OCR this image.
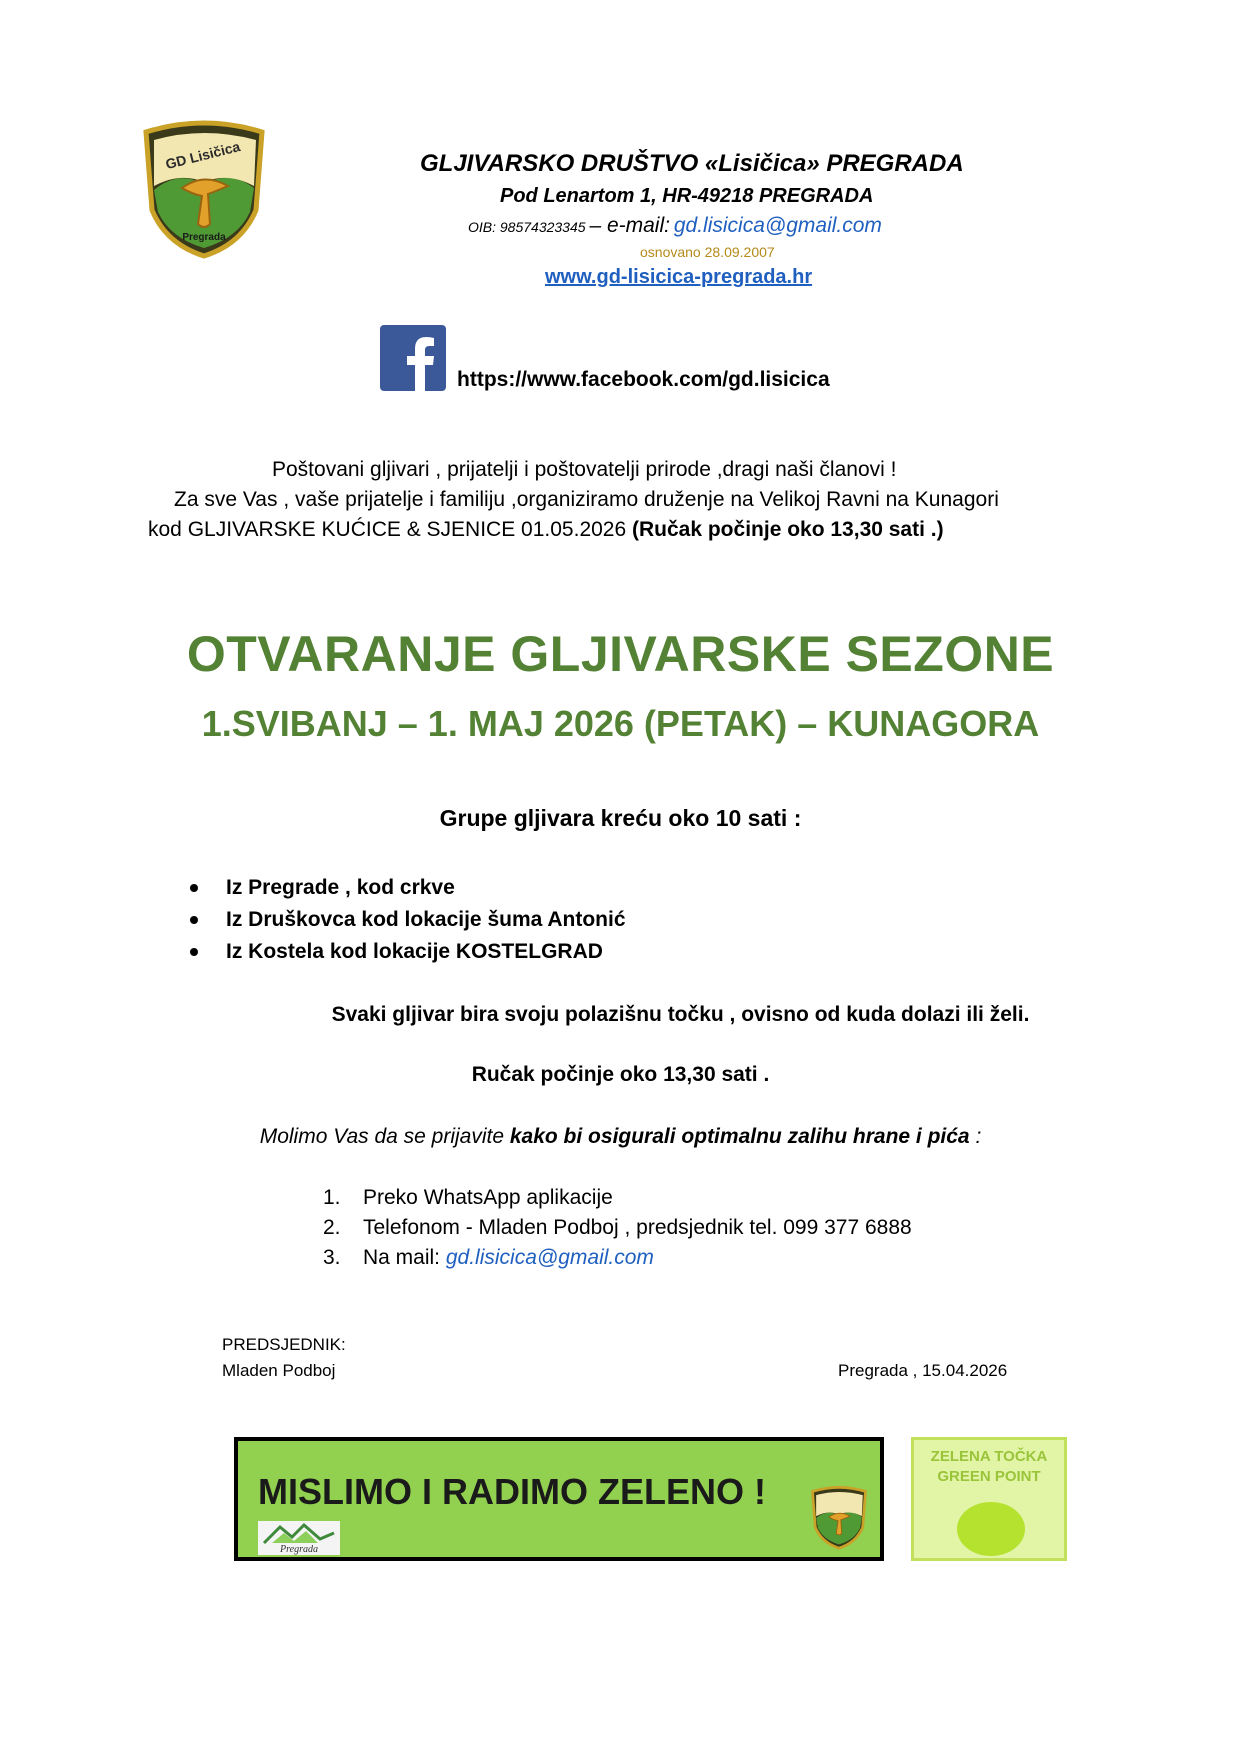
GD Lisičica
Pregrada
GLJIVARSKO DRUŠTVO «Lisičica» PREGRADA
Pod Lenartom 1, HR-49218 PREGRADA
OIB: 98574323345 – e-mail: gd.lisicica@gmail.com
osnovano 28.09.2007
www.gd-lisicica-pregrada.hr
https://www.facebook.com/gd.lisicica
Poštovani gljivari , prijatelji i poštovatelji prirode ,dragi naši članovi !
Za sve Vas , vaše prijatelje i familiju ,organiziramo druženje na Velikoj Ravni na Kunagori
kod GLJIVARSKE KUĆICE & SJENICE 01.05.2026 (Ručak počinje oko 13,30 sati .)
OTVARANJE GLJIVARSKE SEZONE
1.SVIBANJ – 1. MAJ 2026 (PETAK) – KUNAGORA
Grupe gljivara kreću oko 10 sati :
Iz Pregrade , kod crkve
Iz Druškovca kod lokacije šuma Antonić
Iz Kostela kod lokacije KOSTELGRAD
Svaki gljivar bira svoju polazišnu točku , ovisno od kuda dolazi ili želi.
Ručak počinje oko 13,30 sati .
Molimo Vas da se prijavite kako bi osigurali optimalnu zalihu hrane i pića :
1.	Preko WhatsApp aplikacije
2.	Telefonom - Mladen Podboj , predsjednik tel. 099 377 6888
3.	Na mail: gd.lisicica@gmail.com
PREDSJEDNIK:
Mladen Podboj	Pregrada , 15.04.2026
MISLIMO I RADIMO ZELENO !
Pregrada
ZELENA TOČKA
GREEN POINT
